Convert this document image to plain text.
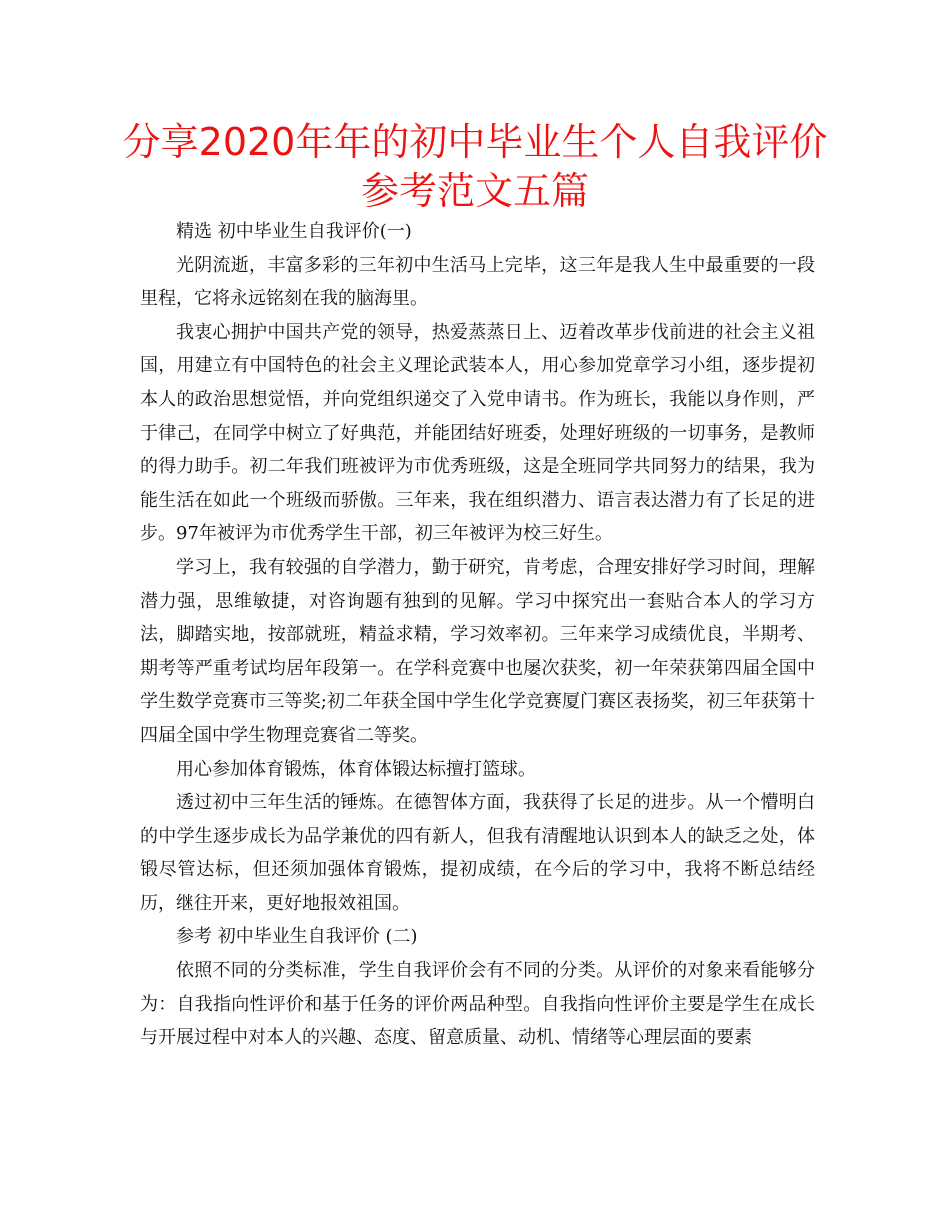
分享2020年年的初中毕业生个人自我评价
参考范文五篇

精选 初中毕业生自我评价(一)

光阴流逝，丰富多彩的三年初中生活马上完毕，这三年是我人生中最重要的一段里程，它将永远铭刻在我的脑海里。

我衷心拥护中国共产党的领导，热爱蒸蒸日上、迈着改革步伐前进的社会主义祖国，用建立有中国特色的社会主义理论武装本人，用心参加党章学习小组，逐步提初本人的政治思想觉悟，并向党组织递交了入党申请书。作为班长，我能以身作则，严于律己，在同学中树立了好典范，并能团结好班委，处理好班级的一切事务，是教师的得力助手。初二年我们班被评为市优秀班级，这是全班同学共同努力的结果，我为能生活在如此一个班级而骄傲。三年来，我在组织潜力、语言表达潜力有了长足的进步。97年被评为市优秀学生干部，初三年被评为校三好生。

学习上，我有较强的自学潜力，勤于研究，肯考虑，合理安排好学习时间，理解潜力强，思维敏捷，对咨询题有独到的见解。学习中探究出一套贴合本人的学习方法，脚踏实地，按部就班，精益求精，学习效率初。三年来学习成绩优良，半期考、期考等严重考试均居年段第一。在学科竞赛中也屡次获奖，初一年荣获第四届全国中学生数学竞赛市三等奖;初二年获全国中学生化学竞赛厦门赛区表扬奖，初三年获第十四届全国中学生物理竞赛省二等奖。

用心参加体育锻炼，体育体锻达标擅打篮球。

透过初中三年生活的锤炼。在德智体方面，我获得了长足的进步。从一个懵明白的中学生逐步成长为品学兼优的四有新人，但我有清醒地认识到本人的缺乏之处，体锻尽管达标，但还须加强体育锻炼，提初成绩，在今后的学习中，我将不断总结经历，继往开来，更好地报效祖国。

参考 初中毕业生自我评价 (二)

依照不同的分类标准，学生自我评价会有不同的分类。从评价的对象来看能够分为：自我指向性评价和基于任务的评价两品种型。自我指向性评价主要是学生在成长与开展过程中对本人的兴趣、态度、留意质量、动机、情绪等心理层面的要素
